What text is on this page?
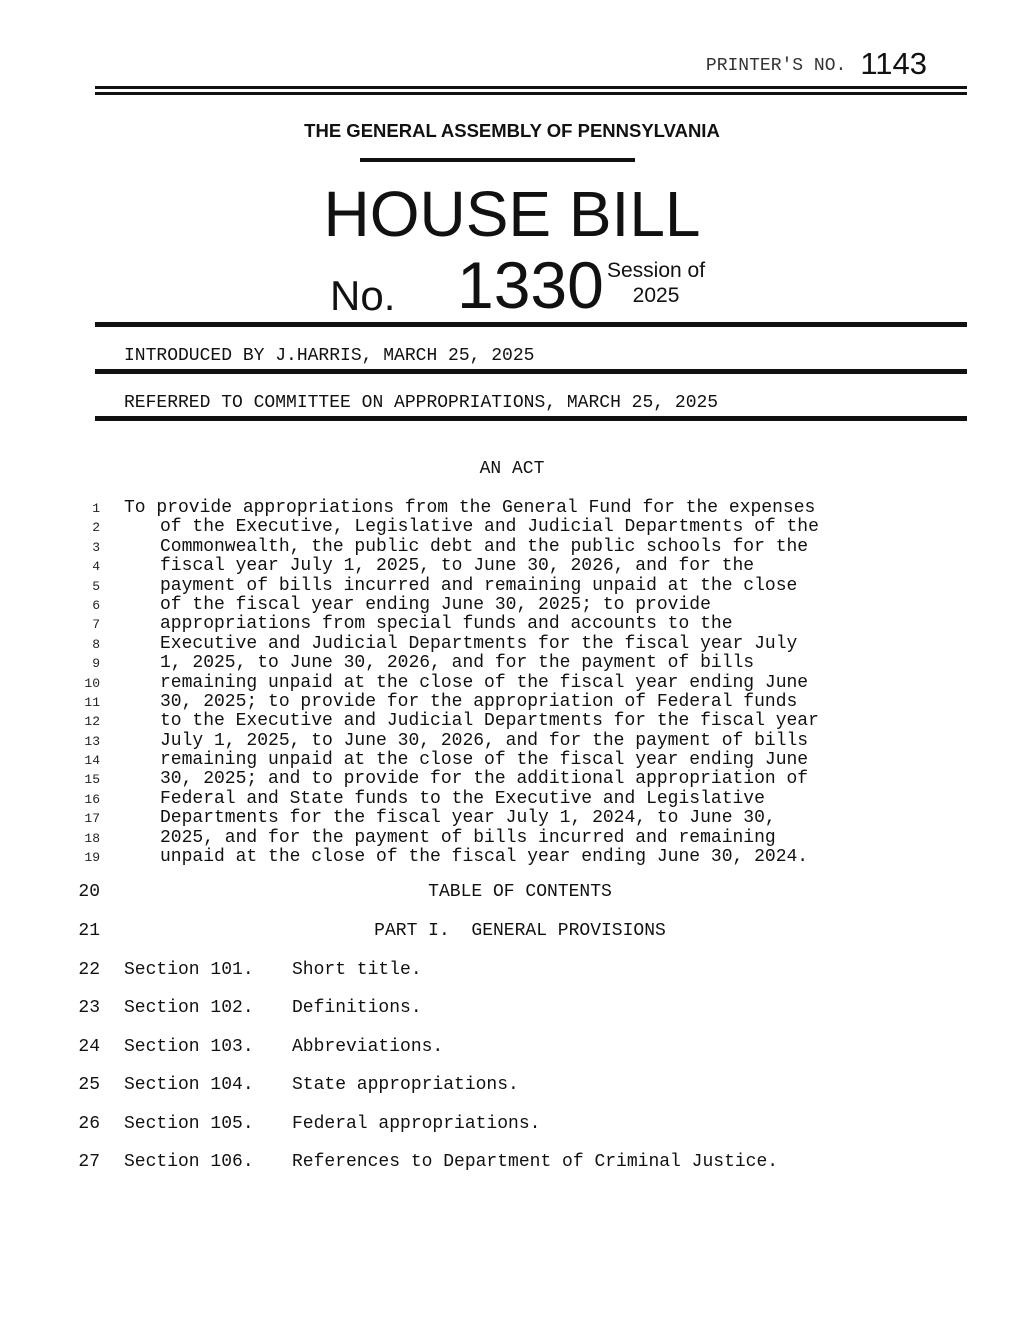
PRINTER'S NO. 1143
THE GENERAL ASSEMBLY OF PENNSYLVANIA
HOUSE BILL
No. 1330 Session of
2025
INTRODUCED BY J.HARRIS, MARCH 25, 2025
REFERRED TO COMMITTEE ON APPROPRIATIONS, MARCH 25, 2025
AN ACT
1 To provide appropriations from the General Fund for the expenses
2	of the Executive, Legislative and Judicial Departments of the
3	Commonwealth, the public debt and the public schools for the
4	fiscal year July 1, 2025, to June 30, 2026, and for the
5	payment of bills incurred and remaining unpaid at the close
6	of the fiscal year ending June 30, 2025; to provide
7	appropriations from special funds and accounts to the
8	Executive and Judicial Departments for the fiscal year July
9	1, 2025, to June 30, 2026, and for the payment of bills
10	remaining unpaid at the close of the fiscal year ending June
11	30, 2025; to provide for the appropriation of Federal funds
12	to the Executive and Judicial Departments for the fiscal year
13	July 1, 2025, to June 30, 2026, and for the payment of bills
14	remaining unpaid at the close of the fiscal year ending June
15	30, 2025; and to provide for the additional appropriation of
16	Federal and State funds to the Executive and Legislative
17	Departments for the fiscal year July 1, 2024, to June 30,
18	2025, and for the payment of bills incurred and remaining
19	unpaid at the close of the fiscal year ending June 30, 2024.
20	TABLE OF CONTENTS
21	PART I.  GENERAL PROVISIONS
22 Section 101. Short title.
23 Section 102. Definitions.
24 Section 103. Abbreviations.
25 Section 104. State appropriations.
26 Section 105. Federal appropriations.
27 Section 106. References to Department of Criminal Justice.
